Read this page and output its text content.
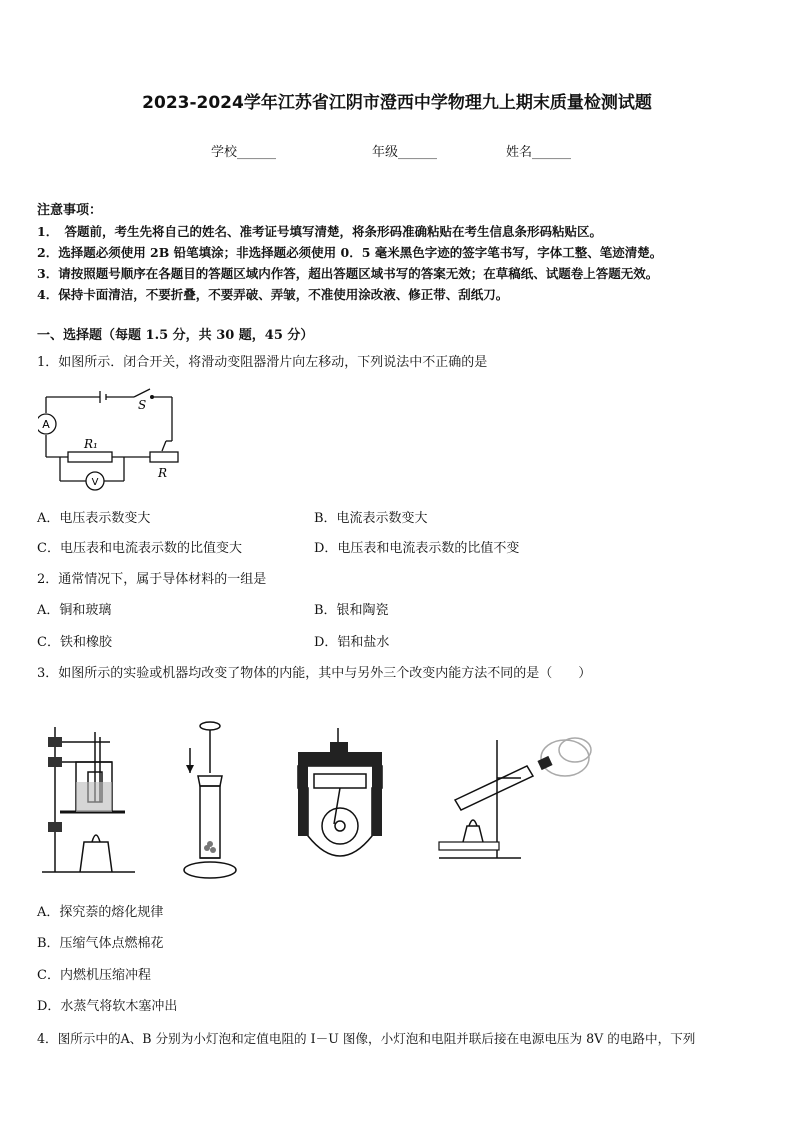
2023-2024学年江苏省江阴市澄西中学物理九上期末质量检测试题
学校______	年级______	姓名______
注意事项：
1．　答题前，考生先将自己的姓名、准考证号填写清楚，将条形码准确粘贴在考生信息条形码粘贴区。
2．选择题必须使用 2B 铅笔填涂；非选择题必须使用 0．5 毫米黑色字迹的签字笔书写，字体工整、笔迹清楚。
3．请按照题号顺序在各题目的答题区域内作答，超出答题区域书写的答案无效；在草稿纸、试题卷上答题无效。
4．保持卡面清洁，不要折叠，不要弄破、弄皱，不准使用涂改液、修正带、刮纸刀。
一、选择题（每题 1.5 分，共 30 题，45 分）
1．如图所示．闭合开关，将滑动变阻器滑片向左移动，下列说法中不正确的是
A
V
S
R₁
R
A．电压表示数变大	B．电流表示数变大
C．电压表和电流表示数的比值变大	D．电压表和电流表示数的比值不变
2．通常情况下，属于导体材料的一组是
A．铜和玻璃	B．银和陶瓷
C．铁和橡胶	D．铝和盐水
3．如图所示的实验或机器均改变了物体的内能，其中与另外三个改变内能方法不同的是（　　）
A．探究萘的熔化规律
B．压缩气体点燃棉花
C．内燃机压缩冲程
D．水蒸气将软木塞冲出
4．图所示中的A、B 分别为小灯泡和定值电阻的 I－U 图像，小灯泡和电阻并联后接在电源电压为 8V 的电路中，下列
